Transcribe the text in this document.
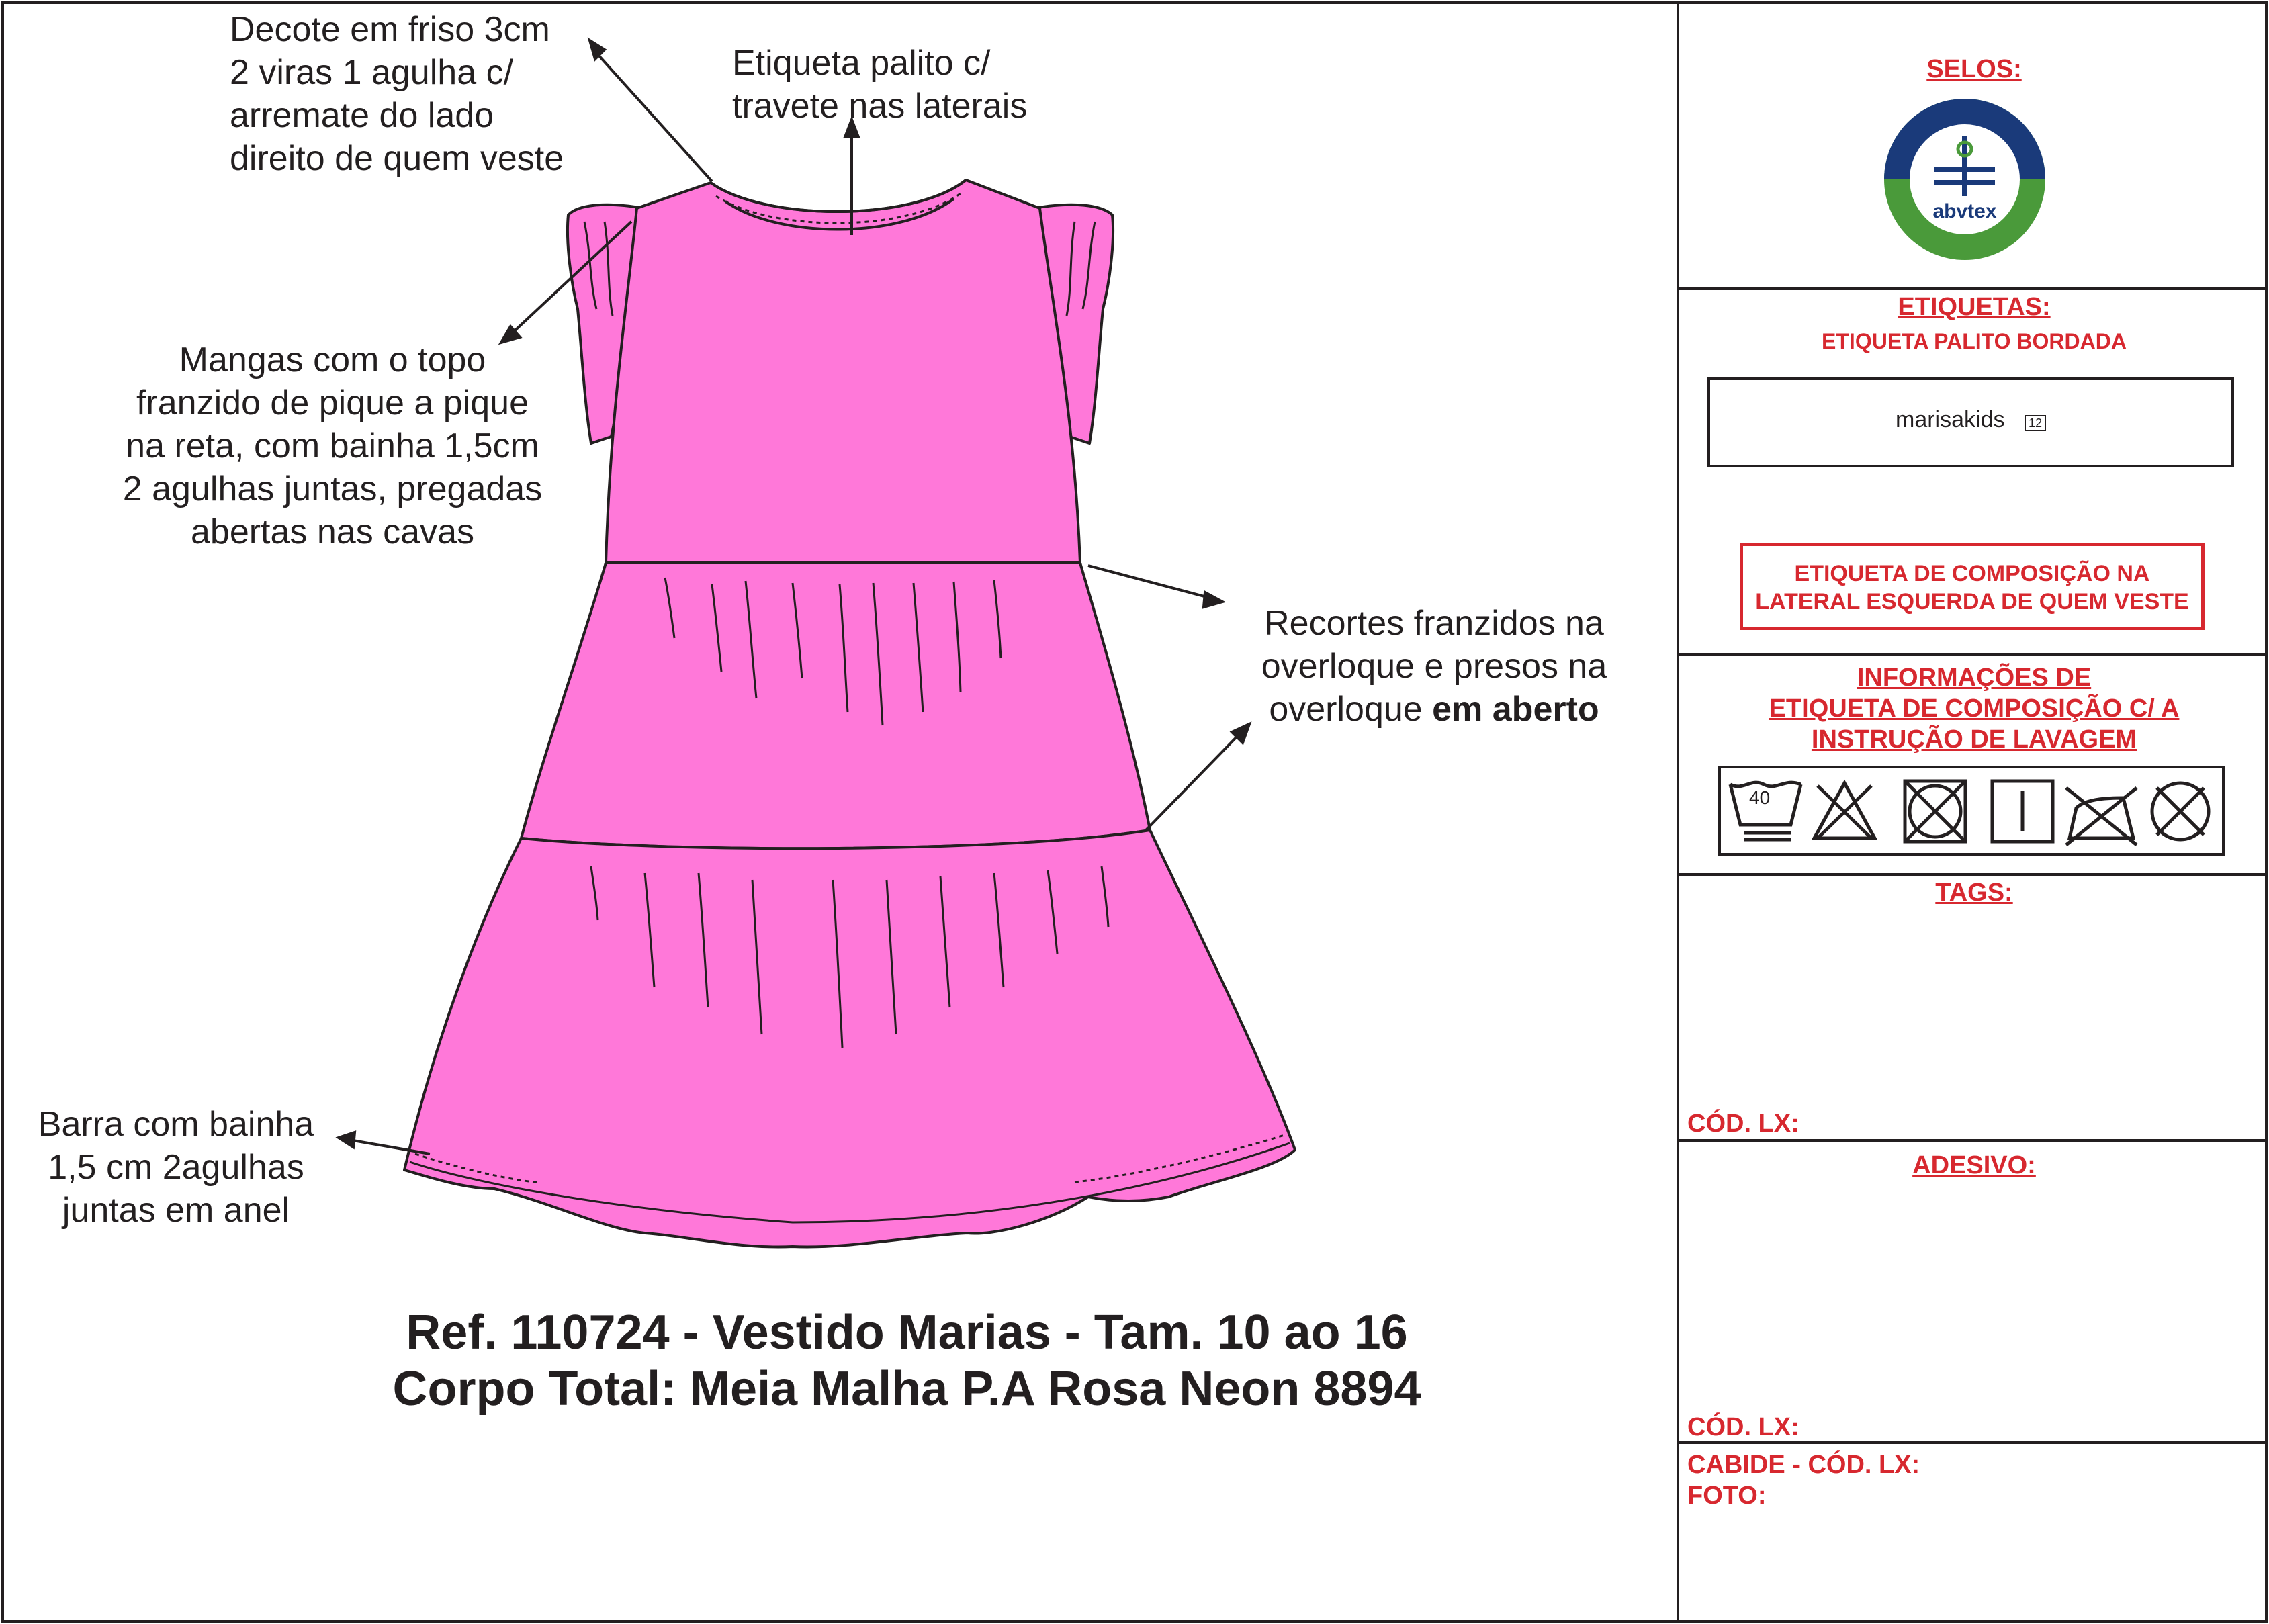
Decote em friso 3cm
2 viras 1 agulha c/
arremate do lado
direito de quem veste
Etiqueta palito c/
travete nas laterais
Mangas com o topo
franzido de pique a pique
na reta, com bainha 1,5cm
2 agulhas juntas, pregadas
abertas nas cavas
Recortes franzidos na
overloque e presos na
overloque em aberto
Barra com bainha
1,5 cm 2agulhas
juntas em anel
Ref. 110724 - Vestido Marias - Tam. 10 ao 16
Corpo Total: Meia Malha P.A Rosa Neon 8894
SELOS:
abvtex
ETIQUETAS:
ETIQUETA PALITO BORDADA
marisakids 12
ETIQUETA DE COMPOSIÇÃO NA
LATERAL ESQUERDA DE QUEM VESTE
INFORMAÇÕES DE
ETIQUETA DE COMPOSIÇÃO C/ A
INSTRUÇÃO DE LAVAGEM
40
TAGS:
CÓD. LX:
ADESIVO:
CÓD. LX:
CABIDE - CÓD. LX:
FOTO:
